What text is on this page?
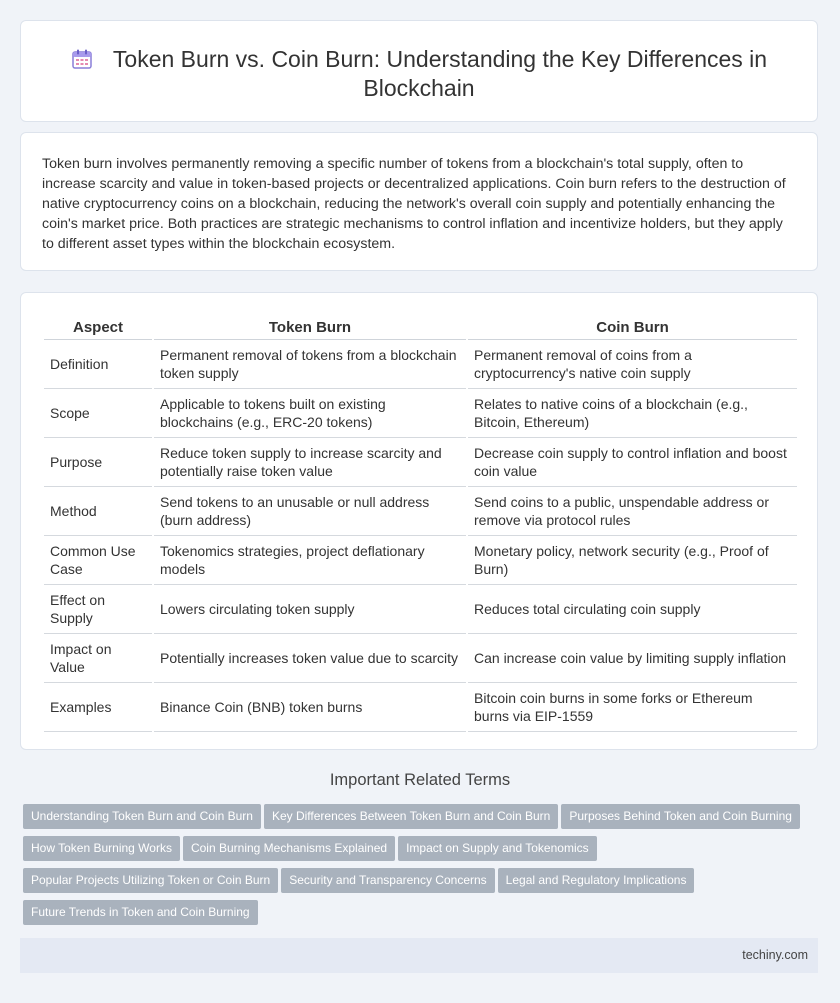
Token Burn vs. Coin Burn: Understanding the Key Differences in Blockchain

Token burn involves permanently removing a specific number of tokens from a blockchain's total supply, often to increase scarcity and value in token-based projects or decentralized applications. Coin burn refers to the destruction of native cryptocurrency coins on a blockchain, reducing the network's overall coin supply and potentially enhancing the coin's market price. Both practices are strategic mechanisms to control inflation and incentivize holders, but they apply to different asset types within the blockchain ecosystem.

Aspect	Token Burn	Coin Burn
Definition	Permanent removal of tokens from a blockchain token supply	Permanent removal of coins from a cryptocurrency's native coin supply
Scope	Applicable to tokens built on existing blockchains (e.g., ERC-20 tokens)	Relates to native coins of a blockchain (e.g., Bitcoin, Ethereum)
Purpose	Reduce token supply to increase scarcity and potentially raise token value	Decrease coin supply to control inflation and boost coin value
Method	Send tokens to an unusable or null address (burn address)	Send coins to a public, unspendable address or remove via protocol rules
Common Use Case	Tokenomics strategies, project deflationary models	Monetary policy, network security (e.g., Proof of Burn)
Effect on Supply	Lowers circulating token supply	Reduces total circulating coin supply
Impact on Value	Potentially increases token value due to scarcity	Can increase coin value by limiting supply inflation
Examples	Binance Coin (BNB) token burns	Bitcoin coin burns in some forks or Ethereum burns via EIP-1559
Important Related Terms
Understanding Token Burn and Coin Burn Key Differences Between Token Burn and Coin Burn Purposes Behind Token and Coin Burning
How Token Burning Works Coin Burning Mechanisms Explained Impact on Supply and Tokenomics
Popular Projects Utilizing Token or Coin Burn Security and Transparency Concerns Legal and Regulatory Implications
Future Trends in Token and Coin Burning
techiny.com
